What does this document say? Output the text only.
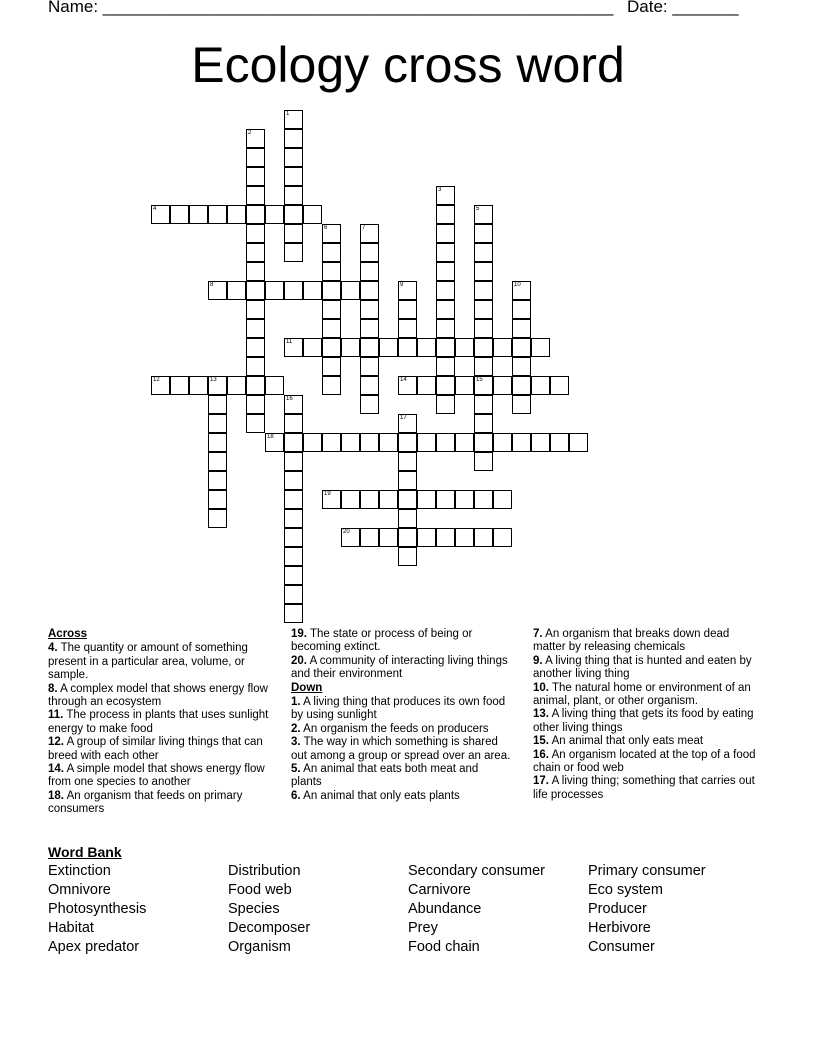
Name: ______________________________________________________ Date: _______
Ecology cross word
1
2
3
4	5
15
6	7
8	9	10
11
12	13	14
16
17
18
19
20
Across
4. The quantity or amount of something present in a particular area, volume, or sample.
8. A complex model that shows energy flow through an ecosystem
11. The process in plants that uses sunlight energy to make food
12. A group of similar living things that can breed with each other
14. A simple model that shows energy flow from one species to another
18. An organism that feeds on primary consumers
19. The state or process of being or becoming extinct.
20. A community of interacting living things and their environment
Down
1. A living thing that produces its own food by using sunlight
2. An organism the feeds on producers
3. The way in which something is shared out among a group or spread over an area.
5. An animal that eats both meat and plants
6. An animal that only eats plants
7. An organism that breaks down dead matter by releasing chemicals
9. A living thing that is hunted and eaten by another living thing
10. The natural home or environment of an animal, plant, or other organism.
13. A living thing that gets its food by eating other living things
15. An animal that only eats meat
16. An organism located at the top of a food chain or food web
17. A living thing; something that carries out life processes
Word Bank
Extinction	Distribution	Secondary consumer	Primary consumer
Omnivore	Food web	Carnivore	Eco system
Photosynthesis	Species	Abundance	Producer
Habitat	Decomposer	Prey	Herbivore
Apex predator	Organism	Food chain	Consumer
